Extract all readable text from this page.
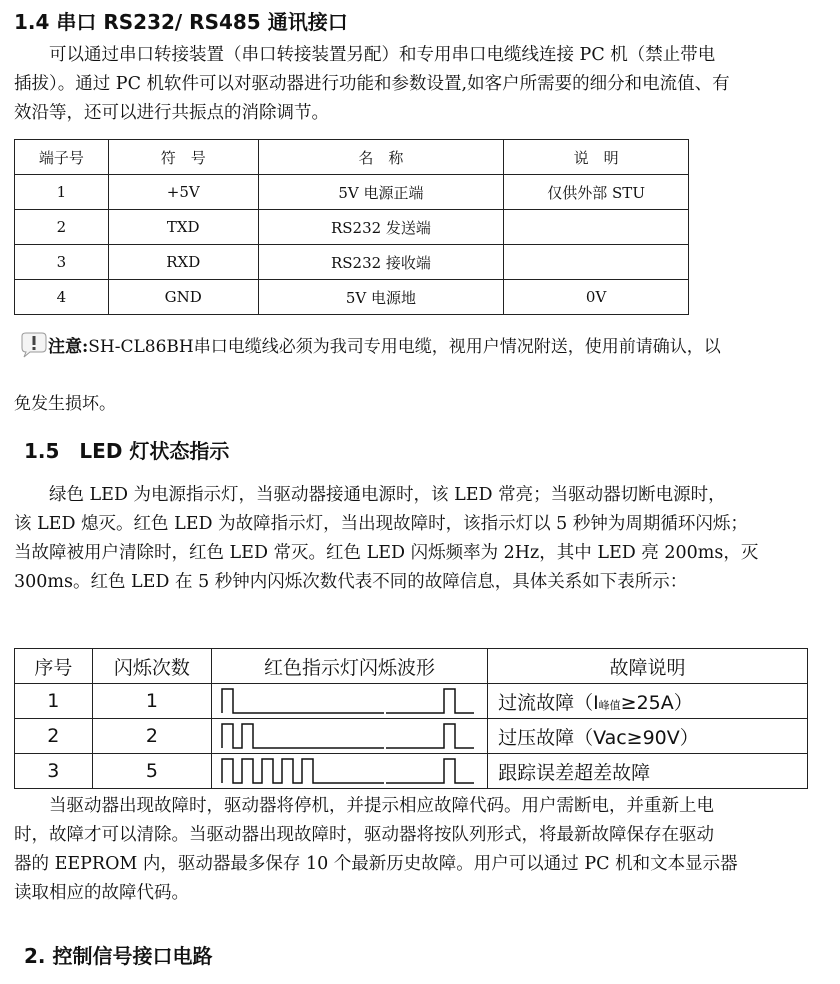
1.4 串口 RS232/ RS485 通讯接口

　　可以通过串口转接装置（串口转接装置另配）和专用串口电缆线连接 PC 机（禁止带电

插拔）。通过 PC 机软件可以对驱动器进行功能和参数设置,如客户所需要的细分和电流值、有

效沿等，还可以进行共振点的消除调节。

端子号	符　号	名　称	说　明
1	+5V	5V 电源正端	仅供外部 STU
2	TXD	RS232 发送端	
3	RXD	RS232 接收端	
4	GND	5V 电源地	0V
注意:SH-CL86BH串口电缆线必须为我司专用电缆，视用户情况附送，使用前请确认，以
免发生损坏。
1.5　LED 灯状态指示

　　绿色 LED 为电源指示灯，当驱动器接通电源时，该 LED 常亮；当驱动器切断电源时，

该 LED 熄灭。红色 LED 为故障指示灯，当出现故障时，该指示灯以 5 秒钟为周期循环闪烁；

当故障被用户清除时，红色 LED 常灭。红色 LED 闪烁频率为 2Hz，其中 LED 亮 200ms，灭

300ms。红色 LED 在 5 秒钟内闪烁次数代表不同的故障信息，具体关系如下表所示：

序号	闪烁次数	红色指示灯闪烁波形	故障说明
1	1		过流故障（I峰值≥25A）
2	2		过压故障（Vac≥90V）
3	5		跟踪误差超差故障

　　当驱动器出现故障时，驱动器将停机，并提示相应故障代码。用户需断电，并重新上电

时，故障才可以清除。当驱动器出现故障时，驱动器将按队列形式，将最新故障保存在驱动

器的 EEPROM 内，驱动器最多保存 10 个最新历史故障。用户可以通过 PC 机和文本显示器

读取相应的故障代码。

2. 控制信号接口电路
